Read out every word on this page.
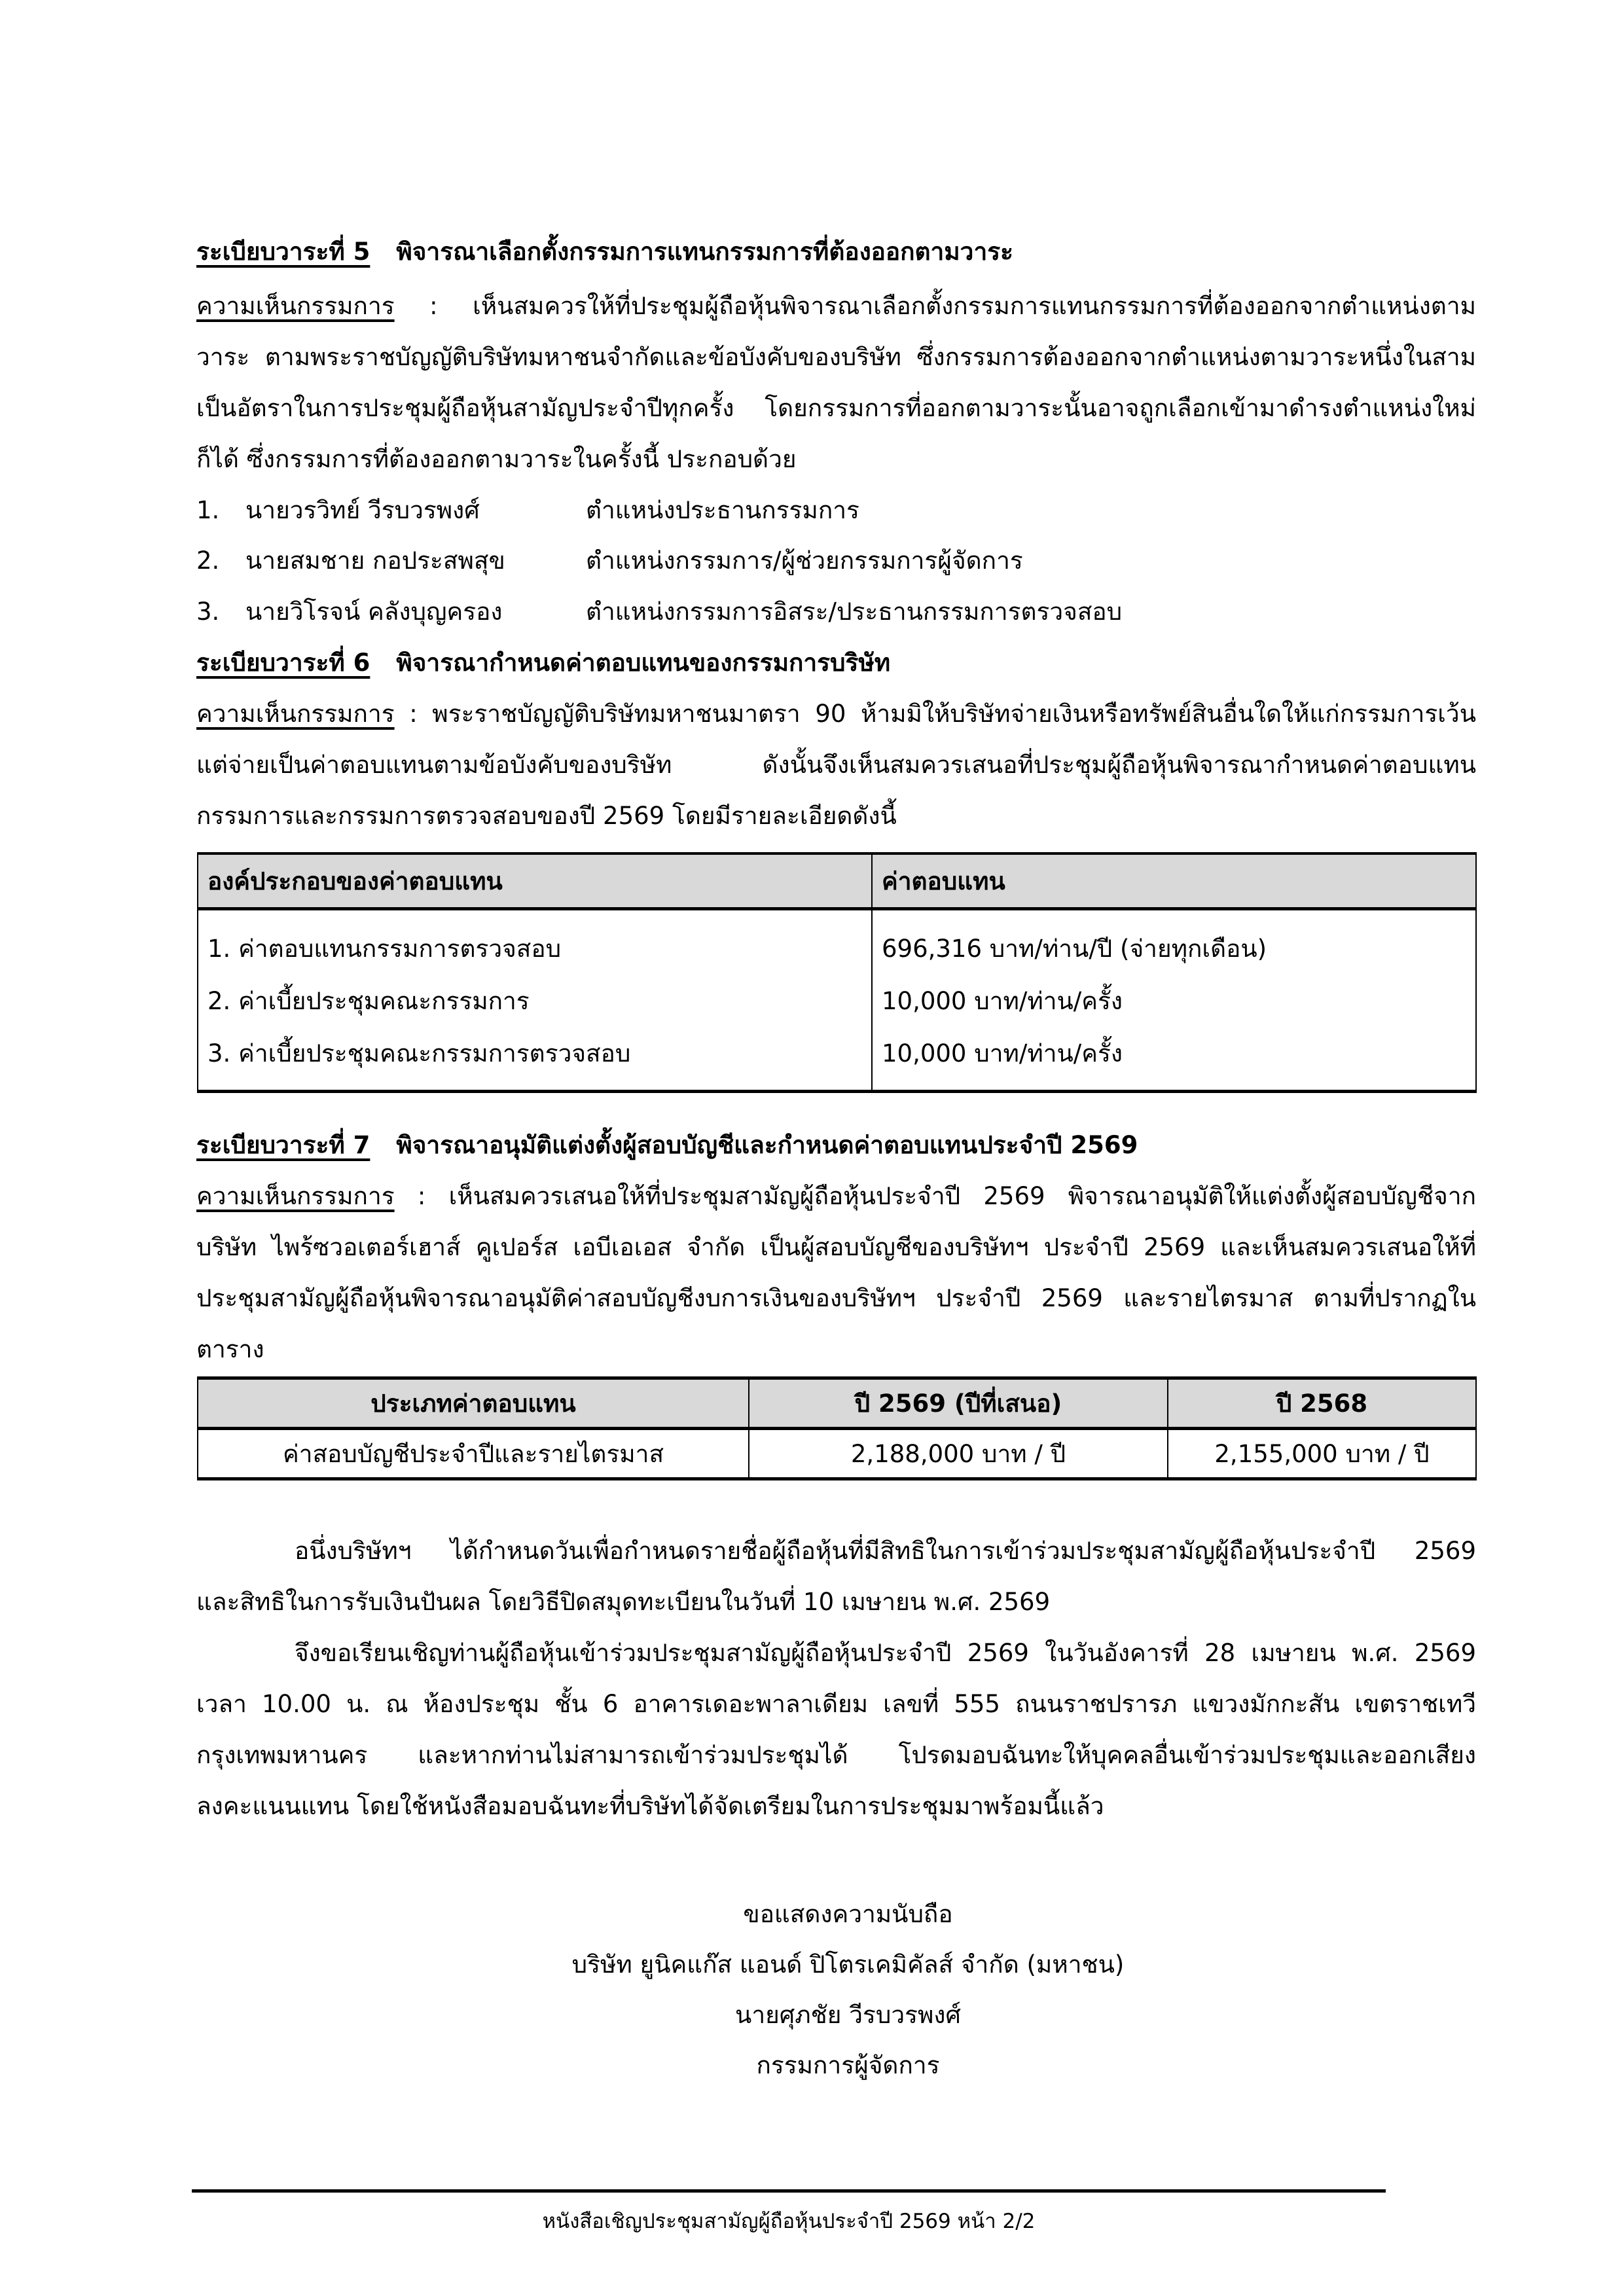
ระเบียบวาระที่ 5 พิจารณาเลือกตั้งกรรมการแทนกรรมการที่ต้องออกตามวาระ
ความเห็นกรรมการ : เห็นสมควรให้ที่ประชุมผู้ถือหุ้นพิจารณาเลือกตั้งกรรมการแทนกรรมการที่ต้องออกจากตำแหน่งตาม
วาระ ตามพระราชบัญญัติบริษัทมหาชนจำกัดและข้อบังคับของบริษัท ซึ่งกรรมการต้องออกจากตำแหน่งตามวาระหนึ่งในสาม
เป็นอัตราในการประชุมผู้ถือหุ้นสามัญประจำปีทุกครั้ง โดยกรรมการที่ออกตามวาระนั้นอาจถูกเลือกเข้ามาดำรงตำแหน่งใหม่
ก็ได้ ซึ่งกรรมการที่ต้องออกตามวาระในครั้งนี้ ประกอบด้วย
1. นายวรวิทย์ วีรบวรพงศ์	ตำแหน่งประธานกรรมการ
2. นายสมชาย กอประสพสุข	ตำแหน่งกรรมการ/ผู้ช่วยกรรมการผู้จัดการ
3. นายวิโรจน์ คลังบุญครอง	ตำแหน่งกรรมการอิสระ/ประธานกรรมการตรวจสอบ
ระเบียบวาระที่ 6 พิจารณากำหนดค่าตอบแทนของกรรมการบริษัท
ความเห็นกรรมการ : พระราชบัญญัติบริษัทมหาชนมาตรา 90 ห้ามมิให้บริษัทจ่ายเงินหรือทรัพย์สินอื่นใดให้แก่กรรมการเว้น
แต่จ่ายเป็นค่าตอบแทนตามข้อบังคับของบริษัท ดังนั้นจึงเห็นสมควรเสนอที่ประชุมผู้ถือหุ้นพิจารณากำหนดค่าตอบแทน
กรรมการและกรรมการตรวจสอบของปี 2569 โดยมีรายละเอียดดังนี้
องค์ประกอบของค่าตอบแทน	ค่าตอบแทน
1. ค่าตอบแทนกรรมการตรวจสอบ	696,316 บาท/ท่าน/ปี (จ่ายทุกเดือน)
2. ค่าเบี้ยประชุมคณะกรรมการ	10,000 บาท/ท่าน/ครั้ง
3. ค่าเบี้ยประชุมคณะกรรมการตรวจสอบ	10,000 บาท/ท่าน/ครั้ง
ระเบียบวาระที่ 7 พิจารณาอนุมัติแต่งตั้งผู้สอบบัญชีและกำหนดค่าตอบแทนประจำปี 2569
ความเห็นกรรมการ : เห็นสมควรเสนอให้ที่ประชุมสามัญผู้ถือหุ้นประจำปี 2569 พิจารณาอนุมัติให้แต่งตั้งผู้สอบบัญชีจาก
บริษัท ไพร้ซวอเตอร์เฮาส์ คูเปอร์ส เอบีเอเอส จำกัด เป็นผู้สอบบัญชีของบริษัทฯ ประจำปี 2569 และเห็นสมควรเสนอให้ที่
ประชุมสามัญผู้ถือหุ้นพิจารณาอนุมัติค่าสอบบัญชีงบการเงินของบริษัทฯ ประจำปี 2569 และรายไตรมาส ตามที่ปรากฏใน
ตาราง
ประเภทค่าตอบแทน	ปี 2569 (ปีที่เสนอ)	ปี 2568
ค่าสอบบัญชีประจำปีและรายไตรมาส	2,188,000 บาท / ปี	2,155,000 บาท / ปี
อนึ่งบริษัทฯ ได้กำหนดวันเพื่อกำหนดรายชื่อผู้ถือหุ้นที่มีสิทธิในการเข้าร่วมประชุมสามัญผู้ถือหุ้นประจำปี 2569
และสิทธิในการรับเงินปันผล โดยวิธีปิดสมุดทะเบียนในวันที่ 10 เมษายน พ.ศ. 2569
จึงขอเรียนเชิญท่านผู้ถือหุ้นเข้าร่วมประชุมสามัญผู้ถือหุ้นประจำปี 2569 ในวันอังคารที่ 28 เมษายน พ.ศ. 2569
เวลา 10.00 น. ณ ห้องประชุม ชั้น 6 อาคารเดอะพาลาเดียม เลขที่ 555 ถนนราชปรารภ แขวงมักกะสัน เขตราชเทวี
กรุงเทพมหานคร และหากท่านไม่สามารถเข้าร่วมประชุมได้ โปรดมอบฉันทะให้บุคคลอื่นเข้าร่วมประชุมและออกเสียง
ลงคะแนนแทน โดยใช้หนังสือมอบฉันทะที่บริษัทได้จัดเตรียมในการประชุมมาพร้อมนี้แล้ว
ขอแสดงความนับถือ
บริษัท ยูนิคแก๊ส แอนด์ ปิโตรเคมิคัลส์ จำกัด (มหาชน)
นายศุภชัย วีรบวรพงศ์
กรรมการผู้จัดการ
หนังสือเชิญประชุมสามัญผู้ถือหุ้นประจำปี 2569 หน้า 2/2
